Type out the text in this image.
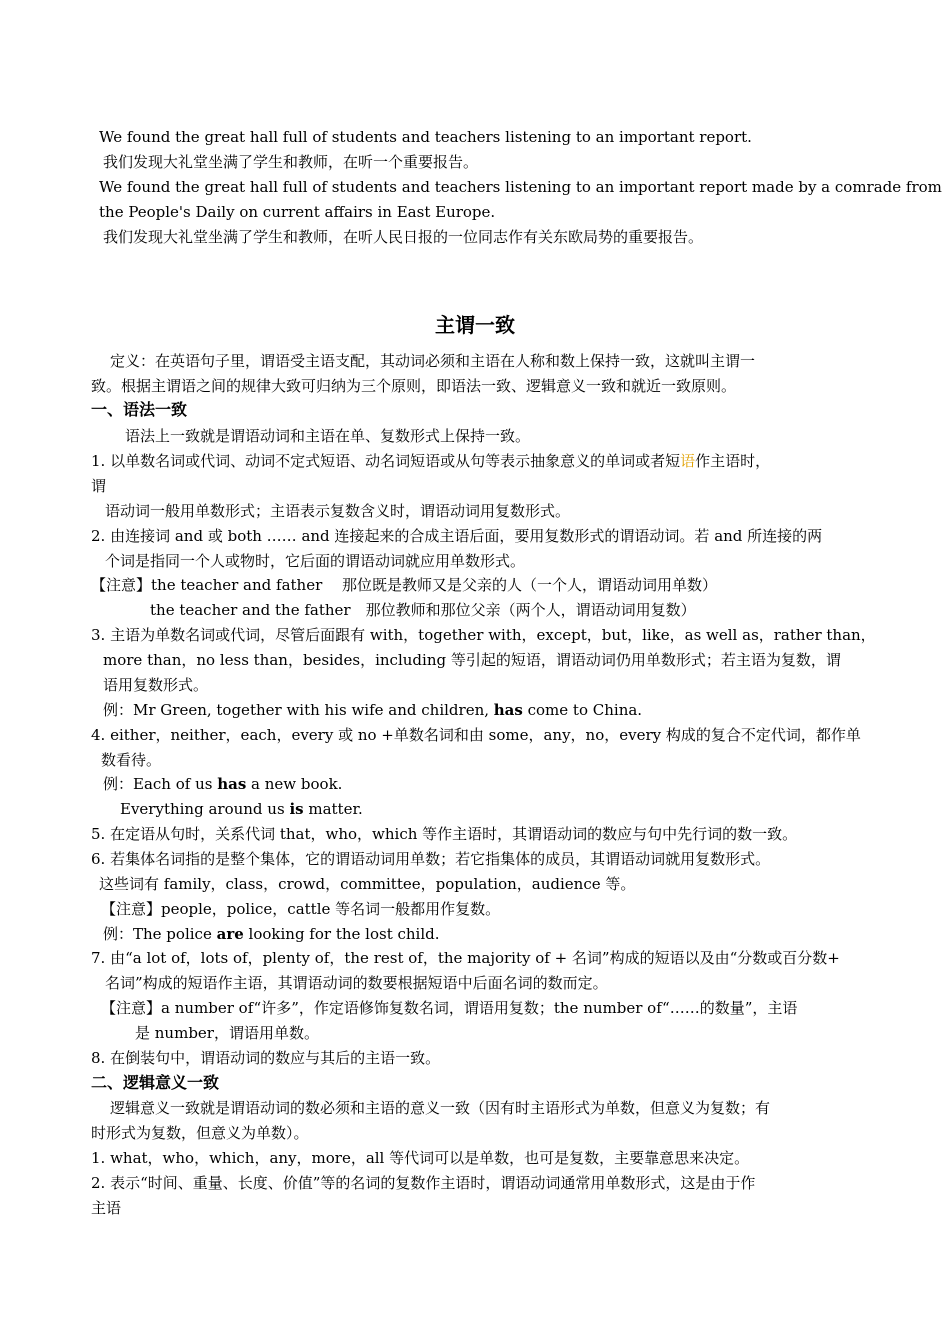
We found the great hall full of students and teachers listening to an important report.
我们发现大礼堂坐满了学生和教师，在听一个重要报告。
We found the great hall full of students and teachers listening to an important report made by a comrade from
the People's Daily on current affairs in East Europe.
我们发现大礼堂坐满了学生和教师，在听人民日报的一位同志作有关东欧局势的重要报告。
主谓一致
定义：在英语句子里，谓语受主语支配，其动词必须和主语在人称和数上保持一致，这就叫主谓一
致。根据主谓语之间的规律大致可归纳为三个原则，即语法一致、逻辑意义一致和就近一致原则。
一、语法一致
语法上一致就是谓语动词和主语在单、复数形式上保持一致。
1. 以单数名词或代词、动词不定式短语、动名词短语或从句等表示抽象意义的单词或者短语作主语时，
谓
语动词一般用单数形式；主语表示复数含义时，谓语动词用复数形式。
2. 由连接词 and 或 both …… and 连接起来的合成主语后面，要用复数形式的谓语动词。若 and 所连接的两
个词是指同一个人或物时，它后面的谓语动词就应用单数形式。
【注意】the teacher and father　 那位既是教师又是父亲的人（一个人，谓语动词用单数）
the teacher and the father　那位教师和那位父亲（两个人，谓语动词用复数）
3. 主语为单数名词或代词，尽管后面跟有 with，together with，except，but，like，as well as，rather than，
more than，no less than，besides，including 等引起的短语，谓语动词仍用单数形式；若主语为复数，谓
语用复数形式。
例：Mr Green, together with his wife and children, has come to China.
4. either，neither，each，every 或 no +单数名词和由 some，any，no，every 构成的复合不定代词，都作单
数看待。
例：Each of us has a new book.
Everything around us is matter.
5. 在定语从句时，关系代词 that，who，which 等作主语时，其谓语动词的数应与句中先行词的数一致。
6. 若集体名词指的是整个集体，它的谓语动词用单数；若它指集体的成员，其谓语动词就用复数形式。
这些词有 family，class，crowd，committee，population，audience 等。
【注意】people，police，cattle 等名词一般都用作复数。
例：The police are looking for the lost child.
7. 由“a lot of，lots of，plenty of，the rest of，the majority of + 名词”构成的短语以及由“分数或百分数+
名词”构成的短语作主语，其谓语动词的数要根据短语中后面名词的数而定。
【注意】a number of“许多”，作定语修饰复数名词，谓语用复数；the number of“……的数量”，主语
是 number，谓语用单数。
8. 在倒装句中，谓语动词的数应与其后的主语一致。
二、逻辑意义一致
逻辑意义一致就是谓语动词的数必须和主语的意义一致（因有时主语形式为单数，但意义为复数；有
时形式为复数，但意义为单数）。
1. what，who，which，any，more，all 等代词可以是单数，也可是复数，主要靠意思来决定。
2. 表示“时间、重量、长度、价值”等的名词的复数作主语时，谓语动词通常用单数形式，这是由于作
主语
